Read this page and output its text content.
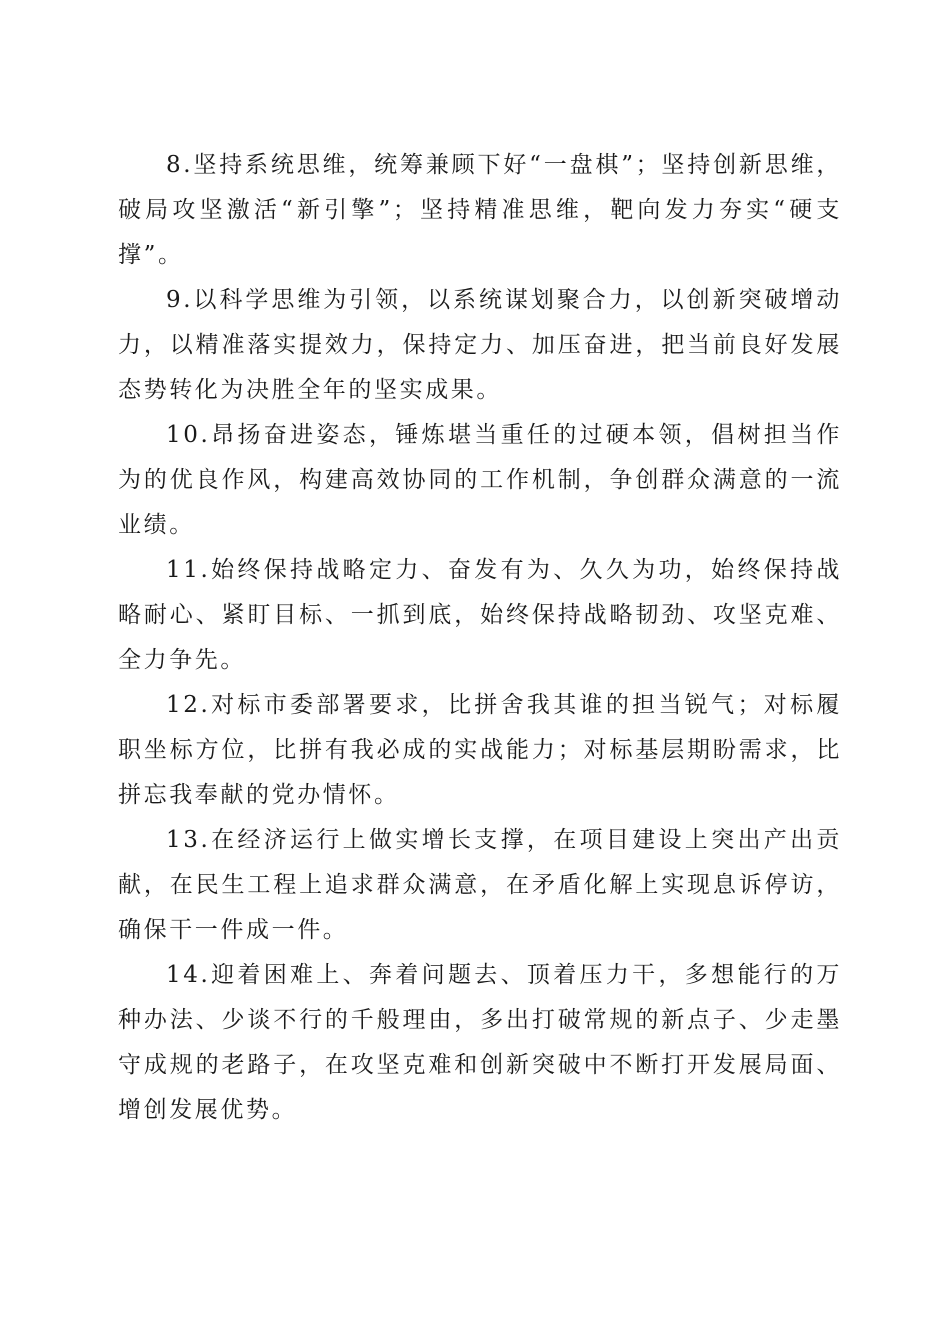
8.坚持系统思维，统筹兼顾下好“一盘棋”；坚持创新思维，破局攻坚激活“新引擎”；坚持精准思维，靶向发力夯实“硬支撑”。

9.以科学思维为引领，以系统谋划聚合力，以创新突破增动力，以精准落实提效力，保持定力、加压奋进，把当前良好发展态势转化为决胜全年的坚实成果。

10.昂扬奋进姿态，锤炼堪当重任的过硬本领，倡树担当作为的优良作风，构建高效协同的工作机制，争创群众满意的一流业绩。

11.始终保持战略定力、奋发有为、久久为功，始终保持战略耐心、紧盯目标、一抓到底，始终保持战略韧劲、攻坚克难、全力争先。

12.对标市委部署要求，比拼舍我其谁的担当锐气；对标履职坐标方位，比拼有我必成的实战能力；对标基层期盼需求，比拼忘我奉献的党办情怀。

13.在经济运行上做实增长支撑，在项目建设上突出产出贡献，在民生工程上追求群众满意，在矛盾化解上实现息诉停访，确保干一件成一件。

14.迎着困难上、奔着问题去、顶着压力干，多想能行的万种办法、少谈不行的千般理由，多出打破常规的新点子、少走墨守成规的老路子，在攻坚克难和创新突破中不断打开发展局面、增创发展优势。
